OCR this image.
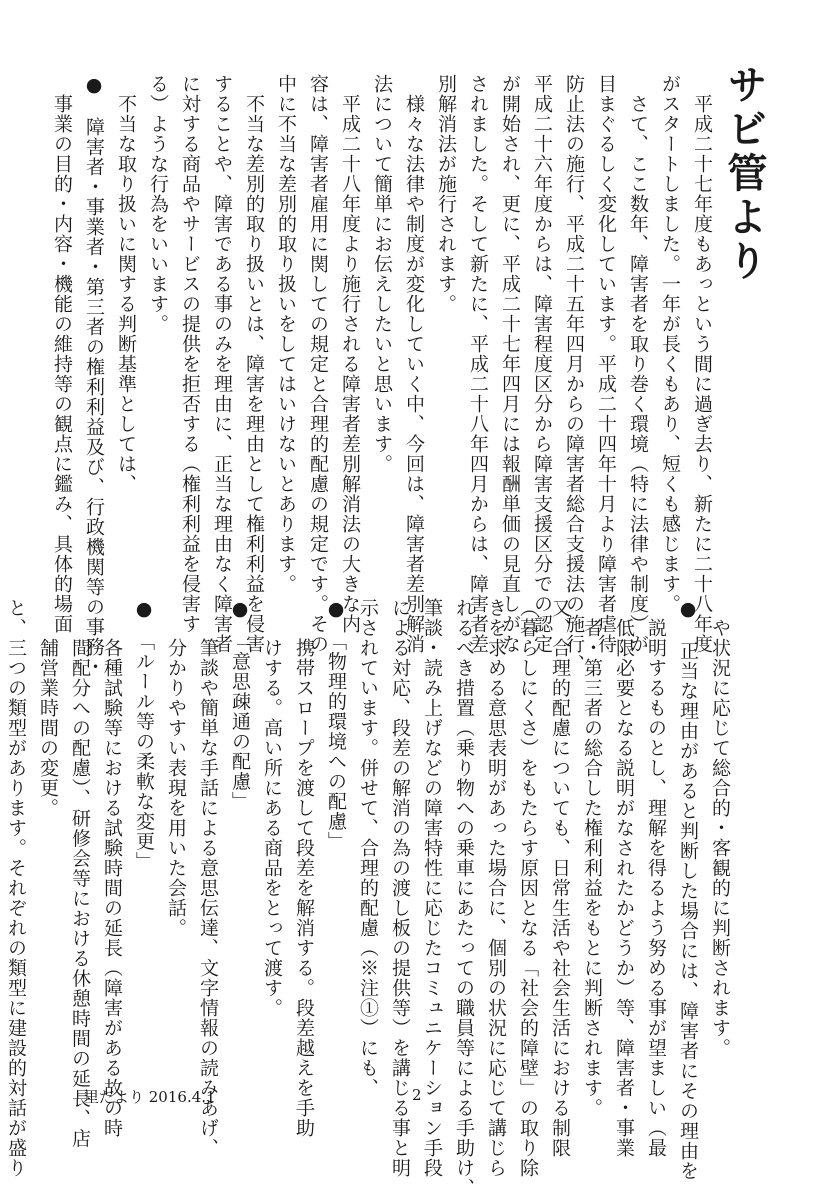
サビ管より
　平成二十七年度もあっという間に過ぎ去り、新たに二十八年度
がスタートしました。一年が長くもあり、短くも感じます。
　さて、ここ数年、障害者を取り巻く環境（特に法律や制度）が
目まぐるしく変化しています。平成二十四年十月より障害者虐待
防止法の施行、平成二十五年四月からの障害者総合支援法の施行、
平成二十六年度からは、障害程度区分から障害支援区分での認定
が開始され、更に、平成二十七年四月には報酬単価の見直しがな
されました。そして新たに、平成二十八年四月からは、障害者差
別解消法が施行されます。
　様々な法律や制度が変化していく中、今回は、障害者差別解消
法について簡単にお伝えしたいと思います。
　平成二十八年度より施行される障害者差別解消法の大きな内
容は、障害者雇用に関しての規定と合理的配慮の規定です。その
中に不当な差別的取り扱いをしてはいけないとあります。
　不当な差別的取り扱いとは、障害を理由として権利利益を侵害
することや、障害である事のみを理由に、正当な理由なく障害者
に対する商品やサービスの提供を拒否する（権利利益を侵害す
る）ような行為をいいます。
　不当な取り扱いに関する判断基準としては、
●　障害者・事業者・第三者の権利利益及び、行政機関等の事務・
　事業の目的・内容・機能の維持等の観点に鑑み、具体的場面
　や状況に応じて総合的・客観的に判断されます。
●　正当な理由があると判断した場合には、障害者にその理由を
　説明するものとし、理解を得るよう努める事が望ましい（最
　低限必要となる説明がなされたかどうか）等、障害者・事業
　者・第三者の総合した権利利益をもとに判断されます。
又、合理的配慮についても、日常生活や社会生活における制限
（暮らしにくさ）をもたらす原因となる「社会的障壁」の取り除
きを求める意思表明があった場合に、個別の状況に応じて講じら
れるべき措置（乗り物への乗車にあたっての職員等による手助け、
筆談・読み上げなどの障害特性に応じたコミュニケーション手段
による対応、段差の解消の為の渡し板の提供等）を講じる事と明
示されています。併せて、合理的配慮（※注①）にも、
●　「物理的環境への配慮」
　　携帯スロープを渡して段差を解消する。段差越えを手助
　　けする。高い所にある商品をとって渡す。
●　「意思疎通の配慮」
　　筆談や簡単な手話による意思伝達、文字情報の読みあげ、
　　分かりやすい表現を用いた会話。
●　「ルール等の柔軟な変更」
　　各種試験等における試験時間の延長（障害がある故の時
　　間配分への配慮）、研修会等における休憩時間の延長、店
　　舗営業時間の変更。
と、三つの類型があります。それぞれの類型に建設的対話が盛り	里だより 2016.4.1	2
